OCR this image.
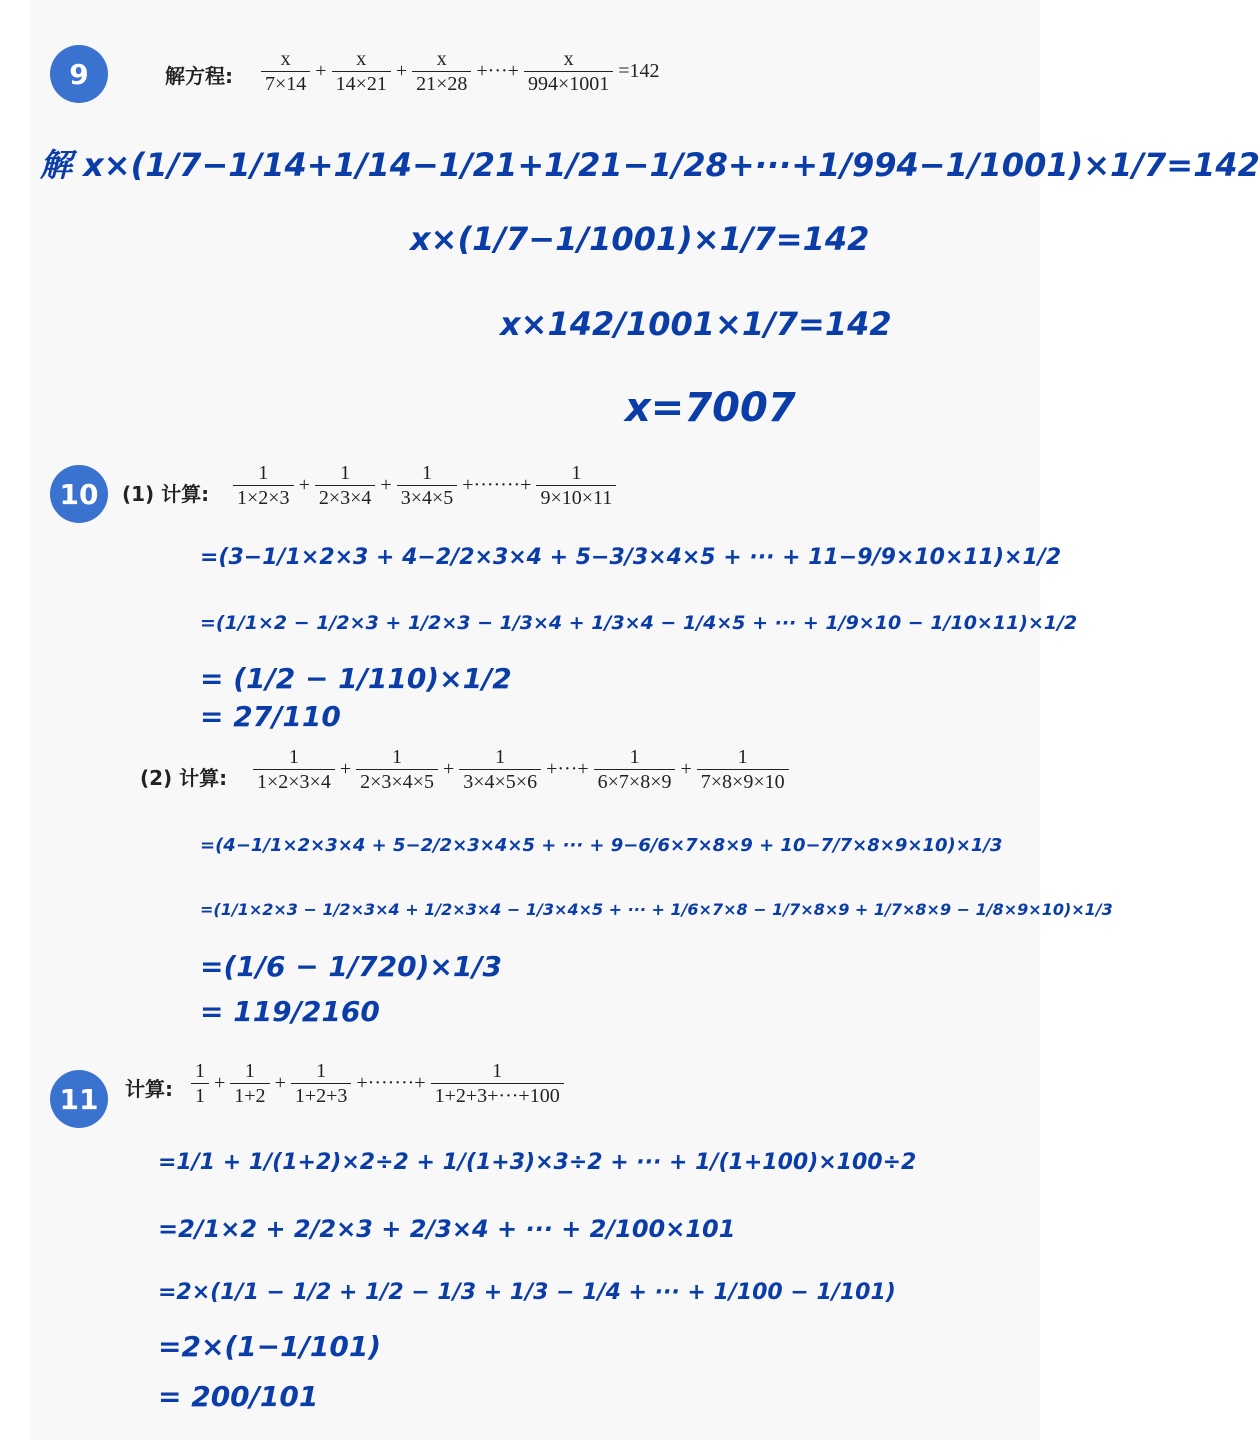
9	解方程: $\frac{x}{7\times 14} + \frac{x}{14\times 21} + \frac{x}{21\times 28}$ +···+ $\frac{x}{994\times 1001} =142$
解 x×(1/7−1/14+1/14−1/21+1/21−1/28+···+1/994−1/1001)×1/7=142
x×(1/7−1/1001)×1/7=142
x×142/1001×1/7=142
x=7007
10	(1) 计算: $\frac{1}{1\times 2\times 3} + \frac{1}{2\times 3\times 4} + \frac{1}{3\times 4\times 5}$ +·······+ $\frac{1}{9\times 10\times 11}$
=(3−1/1×2×3 + 4−2/2×3×4 + 5−3/3×4×5 + ··· + 11−9/9×10×11)×1/2
=(1/1×2 − 1/2×3 + 1/2×3 − 1/3×4 + 1/3×4 − 1/4×5 + ··· + 1/9×10 − 1/10×11)×1/2
= (1/2 − 1/110)×1/2
= 27/110
(2) 计算: $\frac{1}{1\times 2\times 3\times 4} + \frac{1}{2\times 3\times 4\times 5} + \frac{1}{3\times 4\times 5\times 6}$ +···+ $\frac{1}{6\times 7\times 8\times 9} + \frac{1}{7\times 8\times 9\times 10}$
=(4−1/1×2×3×4 + 5−2/2×3×4×5 + ··· + 9−6/6×7×8×9 + 10−7/7×8×9×10)×1/3
=(1/1×2×3 − 1/2×3×4 + 1/2×3×4 − 1/3×4×5 + ··· + 1/6×7×8 − 1/7×8×9 + 1/7×8×9 − 1/8×9×10)×1/3
=(1/6 − 1/720)×1/3
= 119/2160
11	计算: $\frac{1}{1} + \frac{1}{1+2} + \frac{1}{1+2+3}$ +·······+ $\frac{1}{1+2+3+\cdot\cdot\cdot+100}$
=1/1 + 1/(1+2)×2÷2 + 1/(1+3)×3÷2 + ··· + 1/(1+100)×100÷2
=2/1×2 + 2/2×3 + 2/3×4 + ··· + 2/100×101
=2×(1/1 − 1/2 + 1/2 − 1/3 + 1/3 − 1/4 + ··· + 1/100 − 1/101)
=2×(1−1/101)
= 200/101
